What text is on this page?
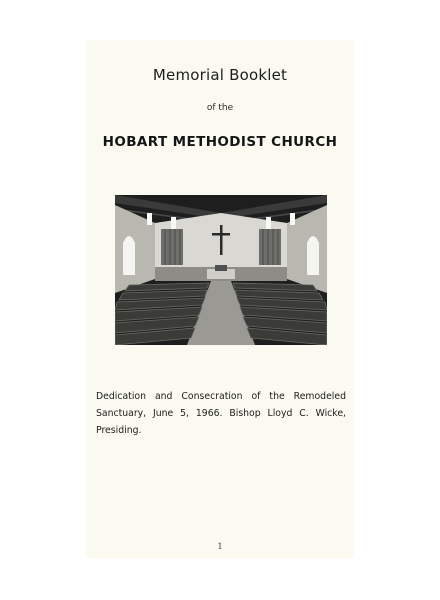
Memorial Booklet
of the
HOBART METHODIST CHURCH
Dedication and Consecration of the Remodeled Sanctuary, June 5, 1966. Bishop Lloyd C. Wicke, Presiding.
1
